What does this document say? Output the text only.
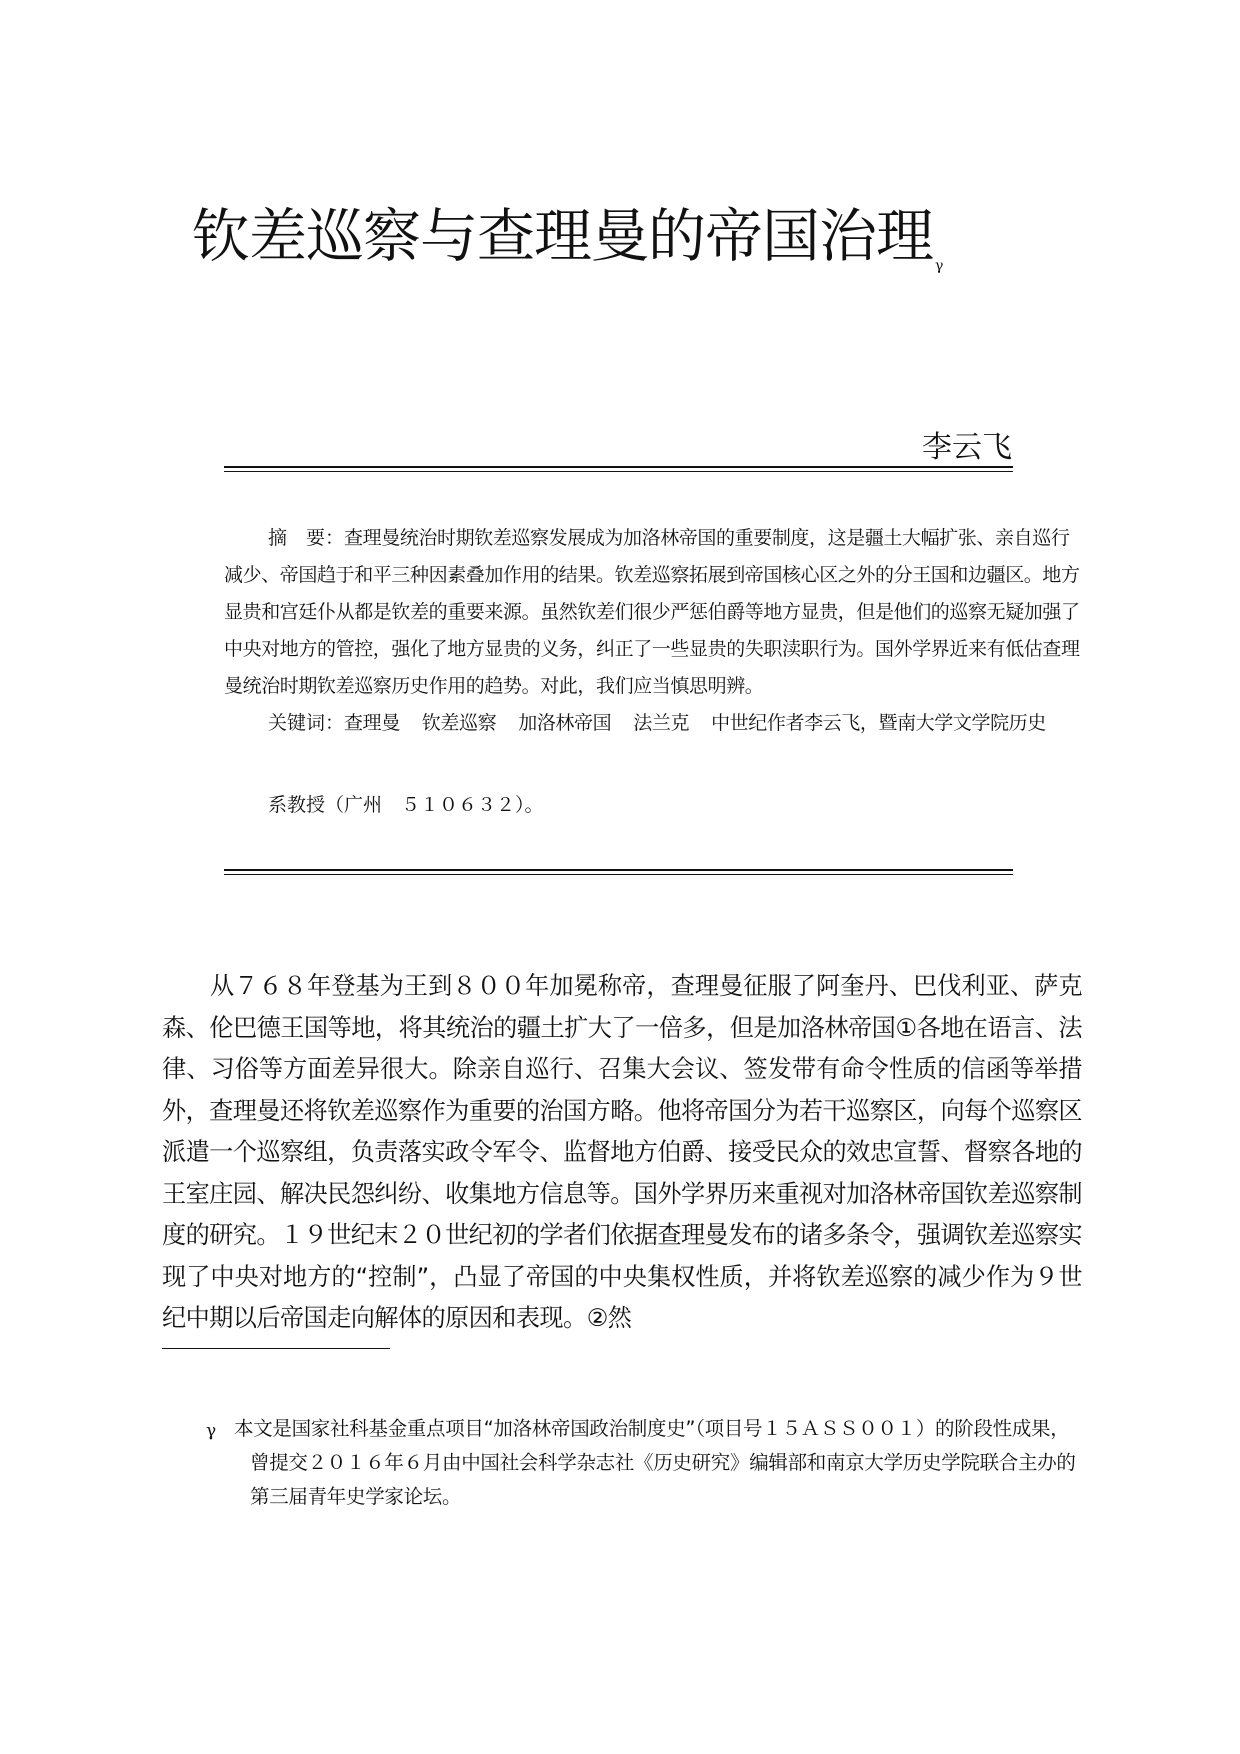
钦差巡察与查理曼的帝国治理 $^\gamma$
李云飞

摘　要：查理曼统治时期钦差巡察发展成为加洛林帝国的重要制度，这是疆土大幅扩张、亲自巡行减少、帝国趋于和平三种因素叠加作用的结果。钦差巡察拓展到帝国核心区之外的分王国和边疆区。地方显贵和宫廷仆从都是钦差的重要来源。虽然钦差们很少严惩伯爵等地方显贵，但是他们的巡察无疑加强了中央对地方的管控，强化了地方显贵的义务，纠正了一些显贵的失职渎职行为。国外学界近来有低估查理曼统治时期钦差巡察历史作用的趋势。对此，我们应当慎思明辨。

关键词：查理曼 钦差巡察 加洛林帝国 法兰克 中世纪作者李云飞，暨南大学文学院历史

系教授（广州　５１０６３２）。

从７６８年登基为王到８００年加冕称帝，查理曼征服了阿奎丹、巴伐利亚、萨克森、伦巴德王国等地，将其统治的疆土扩大了一倍多，但是加洛林帝国①各地在语言、法律、习俗等方面差异很大。除亲自巡行、召集大会议、签发带有命令性质的信函等举措外，查理曼还将钦差巡察作为重要的治国方略。他将帝国分为若干巡察区，向每个巡察区派遣一个巡察组，负责落实政令军令、监督地方伯爵、接受民众的效忠宣誓、督察各地的王室庄园、解决民怨纠纷、收集地方信息等。国外学界历来重视对加洛林帝国钦差巡察制度的研究。１９世纪末２０世纪初的学者们依据查理曼发布的诸多条令，强调钦差巡察实现了中央对地方的“控制”，凸显了帝国的中央集权性质，并将钦差巡察的减少作为９世纪中期以后帝国走向解体的原因和表现。②然

γ 本文是国家社科基金重点项目“加洛林帝国政治制度史”（项目号１５ＡＳＳ００１）的阶段性成果，曾提交２０１６年６月由中国社会科学杂志社《历史研究》编辑部和南京大学历史学院联合主办的第三届青年史学家论坛。
